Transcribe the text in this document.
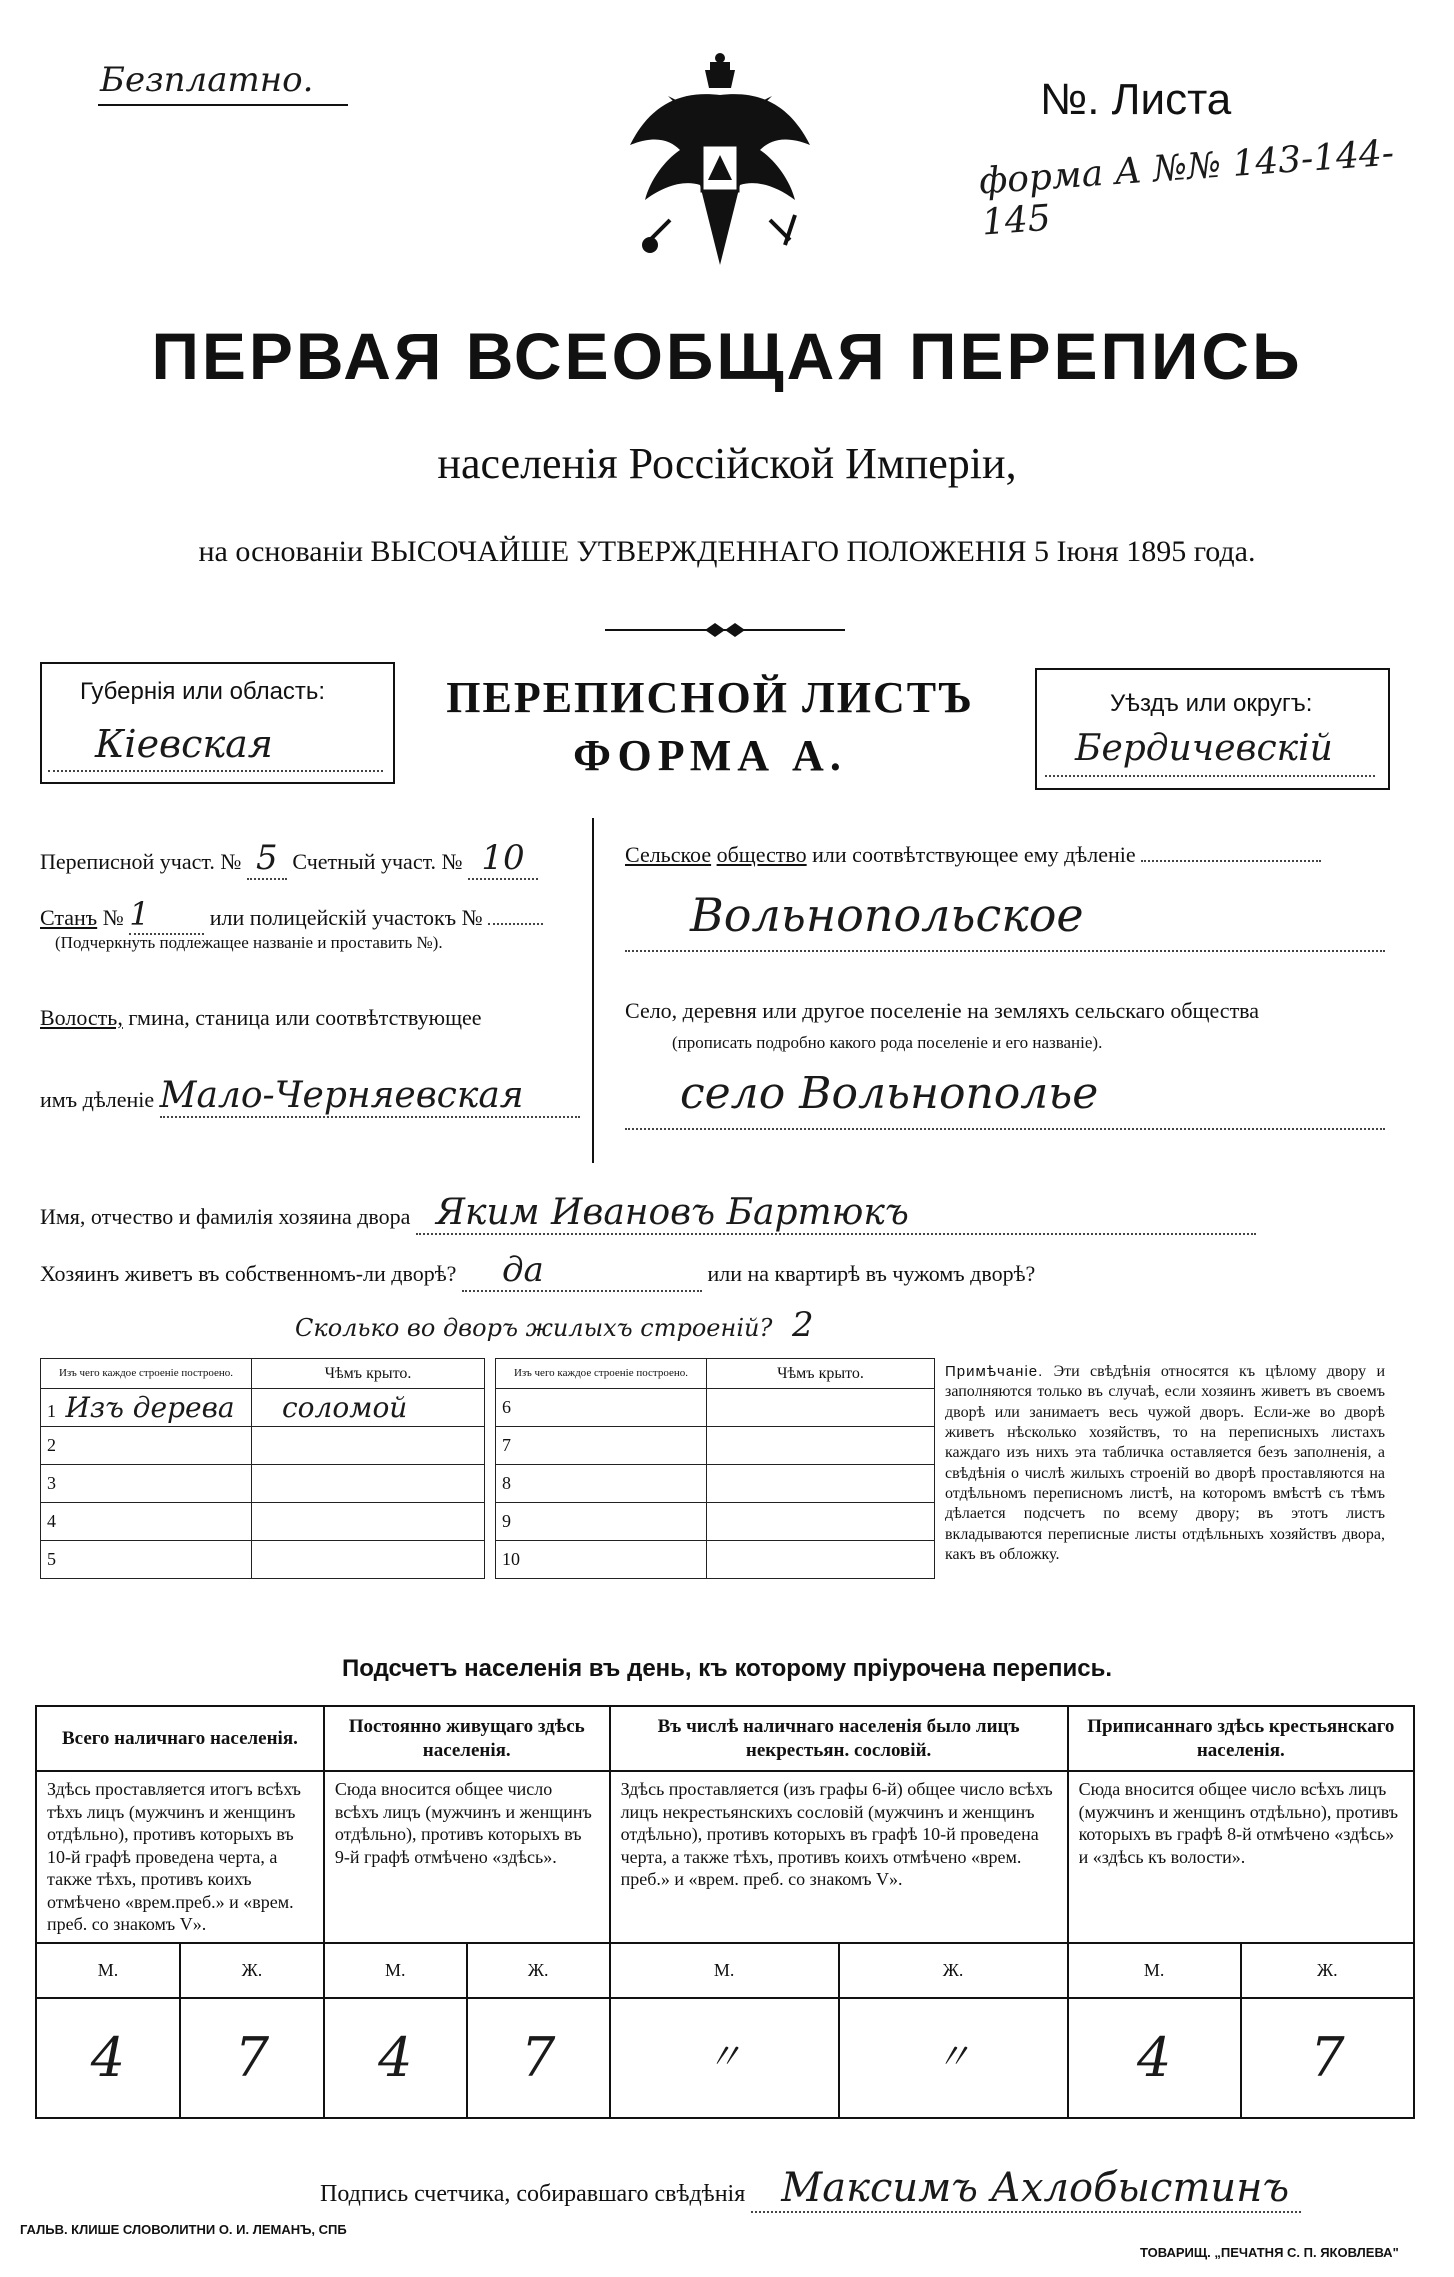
Безплатно.	№. Листа
форма А №№ 143-144-145
ПЕРВАЯ ВСЕОБЩАЯ ПЕРЕПИСЬ
населенія Россійской Имперіи,
на основаніи ВЫСОЧАЙШЕ УТВЕРЖДЕННАГО ПОЛОЖЕНІЯ 5 Іюня 1895 года.
Губернія или область:
Кіевская
ПЕРЕПИСНОЙ ЛИСТЪ
ФОРМА А.
Уѣздъ или округъ:
Бердичевскій
Переписной участ. № 5 Счетный участ. № 10
Станъ № 1	или полицейскій участокъ №
(Подчеркнуть подлежащее названіе и проставить №).
Волость, гмина, станица или соотвѣтствующее
имъ дѣленіе Мало-Черняевская
Сельское общество или соотвѣтствующее ему дѣленіе
Вольнопольское
Село, деревня или другое поселеніе на земляхъ сельскаго общества
(прописать подробно какого рода поселеніе и его названіе).
село Вольнополье
Имя, отчество и фамилія хозяина двора Яким Ивановъ Бартюкъ
Хозяинъ живетъ въ собственномъ-ли дворѣ? да	или на квартирѣ въ чужомъ дворѣ?
Сколько во дворъ жилыхъ строеній? 2
Изъ чего каждое строеніе построено.	Чѣмъ крыто.
1 Изъ дерева	соломой
2	
3	
4	
5	
Изъ чего каждое строеніе построено.	Чѣмъ крыто.
6	
7	
8	
9	
10	
Примѣчаніе. Эти свѣдѣнія относятся къ цѣлому двору и заполняются только въ случаѣ, если хозяинъ живетъ въ своемъ дворѣ или занимаетъ весь чужой дворъ. Если-же во дворѣ живетъ нѣсколько хозяйствъ, то на переписныхъ листахъ каждаго изъ нихъ эта табличка оставляется безъ заполненія, а свѣдѣнія о числѣ жилыхъ строеній во дворѣ проставляются на отдѣльномъ переписномъ листѣ, на которомъ вмѣстѣ съ тѣмъ дѣлается подсчетъ по всему двору; въ этотъ листъ вкладываются переписные листы отдѣльныхъ хозяйствъ двора, какъ въ обложку.
Подсчетъ населенія въ день, къ которому пріурочена перепись.
Всего наличнаго населенія.		Постоянно живущаго здѣсь населенія.		Въ числѣ наличнаго населенія было лицъ некрестьян. сословій.		Приписаннаго здѣсь крестьянскаго населенія.	
Здѣсь проставляется итогъ всѣхъ тѣхъ лицъ (мужчинъ и женщинъ отдѣльно), противъ которыхъ въ 10-й графѣ проведена черта, а также тѣхъ, противъ коихъ отмѣчено «врем.преб.» и «врем. преб. со знакомъ V».		Сюда вносится общее число всѣхъ лицъ (мужчинъ и женщинъ отдѣльно), противъ которыхъ въ 9-й графѣ отмѣчено «здѣсь».		Здѣсь проставляется (изъ графы 6-й) общее число всѣхъ лицъ некрестьянскихъ сословій (мужчинъ и женщинъ отдѣльно), противъ которыхъ въ графѣ 10-й проведена черта, а также тѣхъ, противъ коихъ отмѣчено «врем. преб.» и «врем. преб. со знакомъ V».		Сюда вносится общее число всѣхъ лицъ (мужчинъ и женщинъ отдѣльно), противъ которыхъ въ графѣ 8-й отмѣчено «здѣсь» и «здѣсь къ волости».	
М.	Ж.	М.	Ж.	М.	Ж.	М.	Ж.
4	7	4	7	〃	〃	4	7
Подпись счетчика, собиравшаго свѣдѣнія Максимъ Ахлобыстинъ
ГАЛЬВ. КЛИШЕ СЛОВОЛИТНИ О. И. ЛЕМАНЪ, СПБ
ТОВАРИЩ. „ПЕЧАТНЯ С. П. ЯКОВЛЕВА"
